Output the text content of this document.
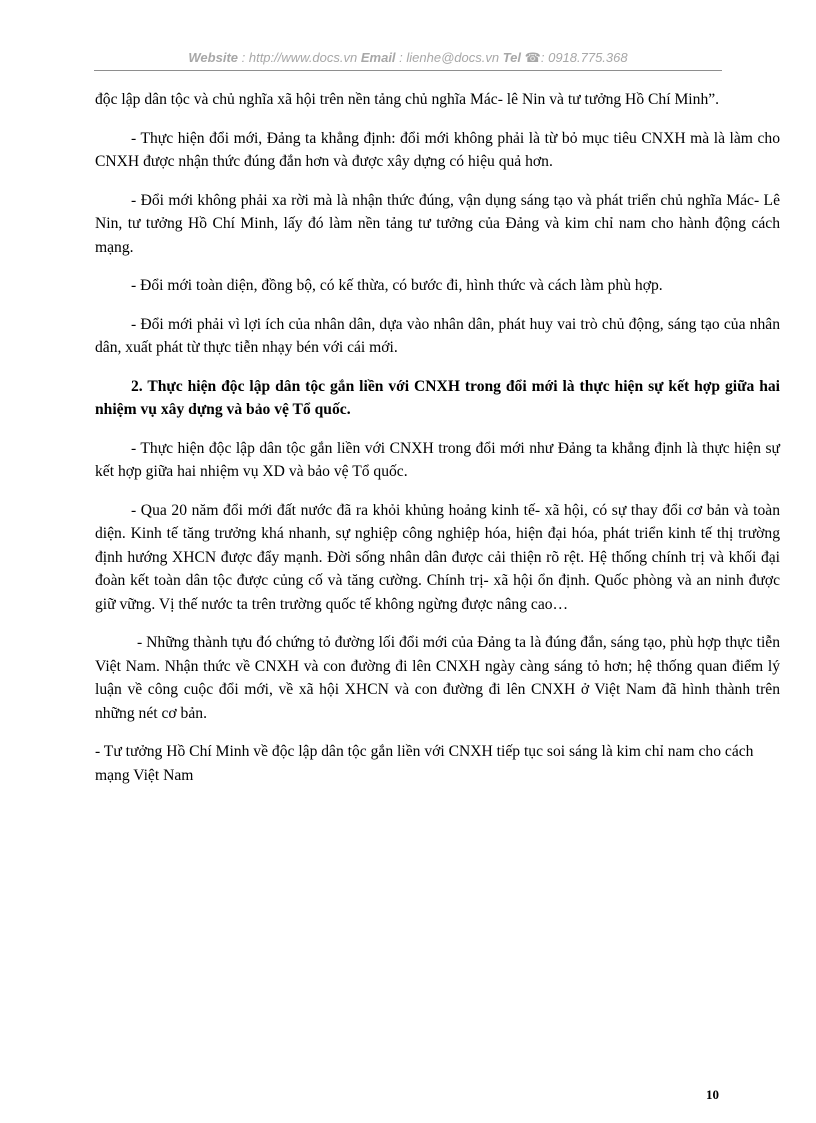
Website : http://www.docs.vn Email : lienhe@docs.vn Tel ☎: 0918.775.368

độc lập dân tộc và chủ nghĩa xã hội trên nền tảng chủ nghĩa Mác- lê Nin và tư tưởng Hồ Chí Minh”.

- Thực hiện đổi mới, Đảng ta khẳng định: đổi mới không phải là từ bỏ mục tiêu CNXH mà là làm cho CNXH được nhận thức đúng đắn hơn và được xây dựng có hiệu quả hơn.

- Đổi mới không phải xa rời mà là nhận thức đúng, vận dụng sáng tạo và phát triển chủ nghĩa Mác- Lê Nin, tư tưởng Hồ Chí Minh, lấy đó làm nền tảng tư tưởng của Đảng và kim chỉ nam cho hành động cách mạng.

- Đổi mới toàn diện, đồng bộ, có kế thừa, có bước đi, hình thức và cách làm phù hợp.

- Đổi mới phải vì lợi ích của nhân dân, dựa vào nhân dân, phát huy vai trò chủ động, sáng tạo của nhân dân, xuất phát từ thực tiễn nhạy bén với cái mới.

2. Thực hiện độc lập dân tộc gắn liền với CNXH trong đổi mới là thực hiện sự kết hợp giữa hai nhiệm vụ xây dựng và bảo vệ Tổ quốc.

- Thực hiện độc lập dân tộc gắn liền với CNXH trong đổi mới như Đảng ta khẳng định là thực hiện sự kết hợp giữa hai nhiệm vụ XD và bảo vệ Tổ quốc.

- Qua 20 năm đổi mới đất nước đã ra khỏi khủng hoảng kinh tế- xã hội, có sự thay đổi cơ bản và toàn diện. Kinh tế tăng trưởng khá nhanh, sự nghiệp công nghiệp hóa, hiện đại hóa, phát triển kinh tế thị trường định hướng XHCN được đẩy mạnh. Đời sống nhân dân được cải thiện rõ rệt. Hệ thống chính trị và khối đại đoàn kết toàn dân tộc được củng cố và tăng cường. Chính trị- xã hội ổn định. Quốc phòng và an ninh được giữ vững. Vị thế nước ta trên trường quốc tế không ngừng được nâng cao…

- Những thành tựu đó chứng tỏ đường lối đổi mới của Đảng ta là đúng đắn, sáng tạo, phù hợp thực tiễn Việt Nam. Nhận thức về CNXH và con đường đi lên CNXH ngày càng sáng tỏ hơn; hệ thống quan điểm lý luận về công cuộc đổi mới, về xã hội XHCN và con đường đi lên CNXH ở Việt Nam đã hình thành trên những nét cơ bản.

- Tư tưởng Hồ Chí Minh về độc lập dân tộc gắn liền với CNXH tiếp tục soi sáng là kim chỉ nam cho cách mạng Việt Nam

10
